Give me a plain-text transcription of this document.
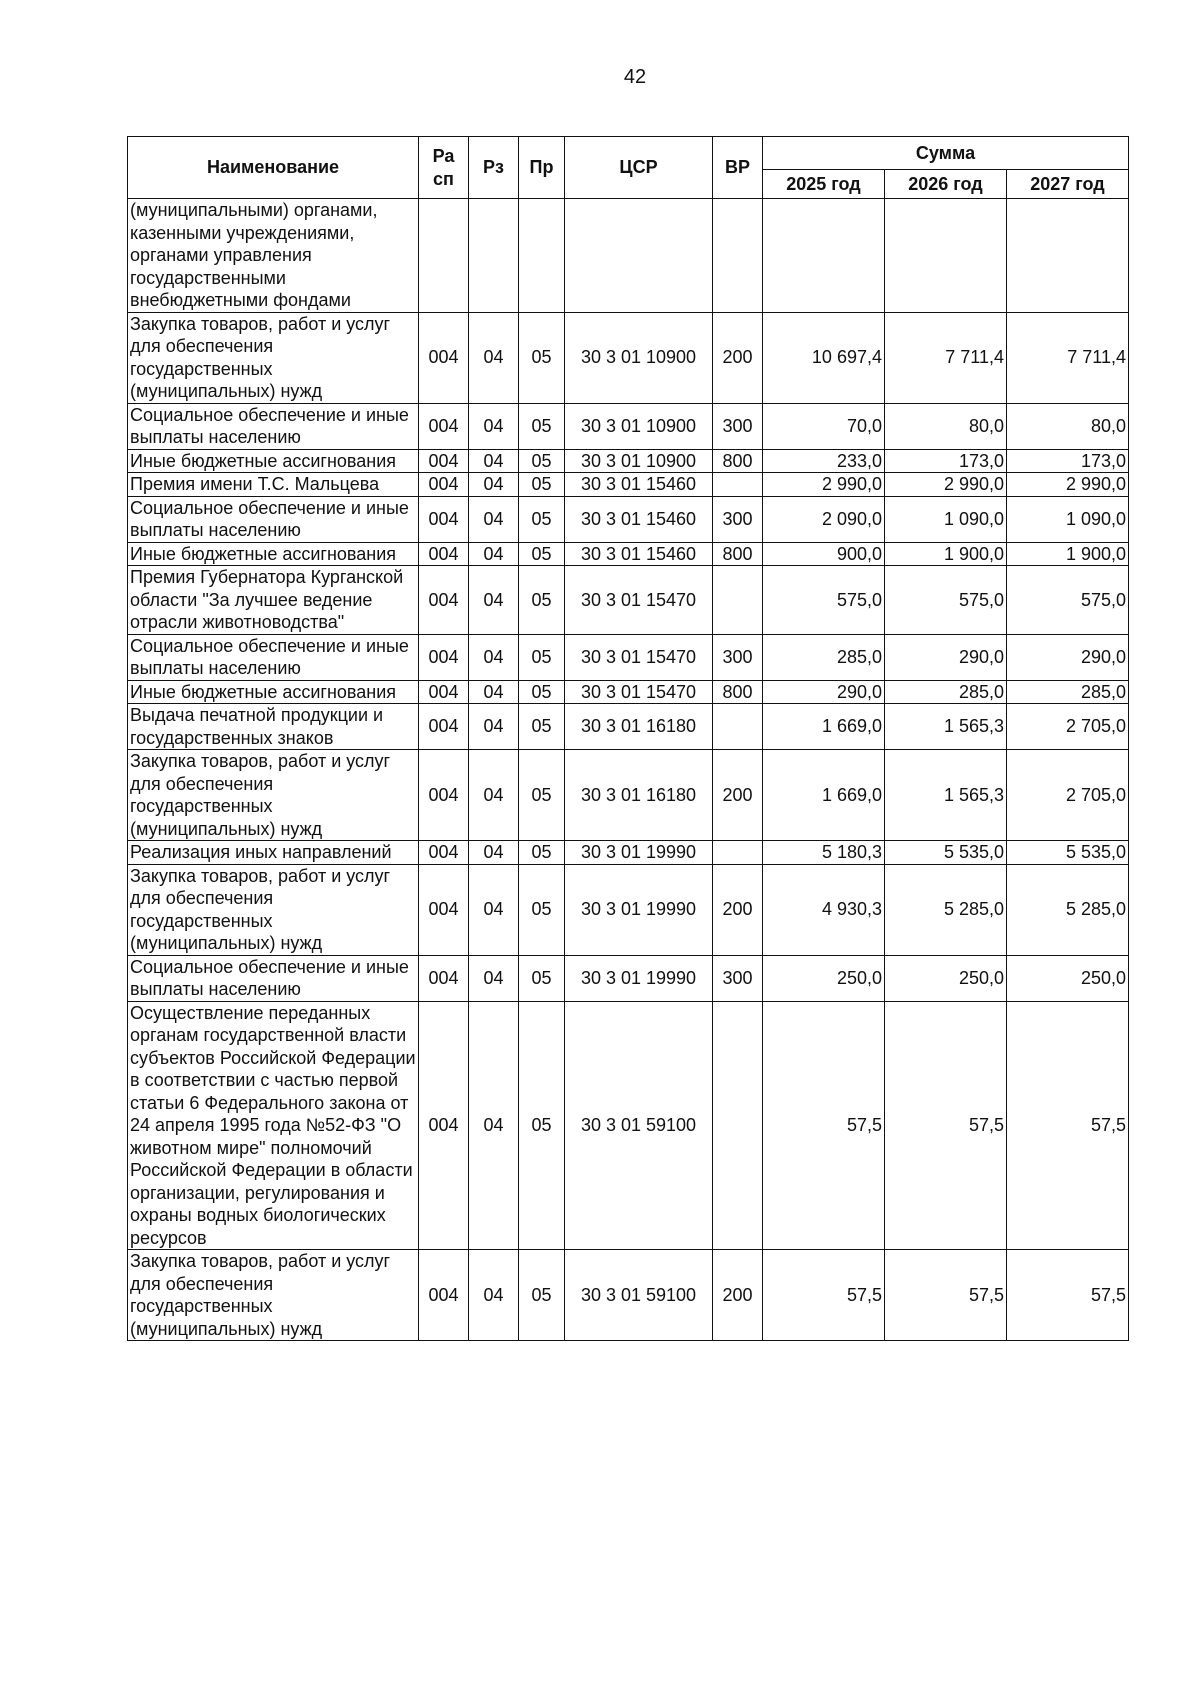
42
Наименование	Ра сп	Рз	Пр	ЦСР	ВР	Сумма		
						2025 год	2026 год	2027 год
(муниципальными) органами, казенными учреждениями, органами управления государственными внебюджетными фондами								
Закупка товаров, работ и услуг для обеспечения государственных (муниципальных) нужд	004	04	05	30 3 01 10900	200	10 697,4	7 711,4	7 711,4
Социальное обеспечение и иные выплаты населению	004	04	05	30 3 01 10900	300	70,0	80,0	80,0
Иные бюджетные ассигнования	004	04	05	30 3 01 10900	800	233,0	173,0	173,0
Премия имени Т.С. Мальцева	004	04	05	30 3 01 15460		2 990,0	2 990,0	2 990,0
Социальное обеспечение и иные выплаты населению	004	04	05	30 3 01 15460	300	2 090,0	1 090,0	1 090,0
Иные бюджетные ассигнования	004	04	05	30 3 01 15460	800	900,0	1 900,0	1 900,0
Премия Губернатора Курганской области "За лучшее ведение отрасли животноводства"	004	04	05	30 3 01 15470		575,0	575,0	575,0
Социальное обеспечение и иные выплаты населению	004	04	05	30 3 01 15470	300	285,0	290,0	290,0
Иные бюджетные ассигнования	004	04	05	30 3 01 15470	800	290,0	285,0	285,0
Выдача печатной продукции и государственных знаков	004	04	05	30 3 01 16180		1 669,0	1 565,3	2 705,0
Закупка товаров, работ и услуг для обеспечения государственных (муниципальных) нужд	004	04	05	30 3 01 16180	200	1 669,0	1 565,3	2 705,0
Реализация иных направлений	004	04	05	30 3 01 19990		5 180,3	5 535,0	5 535,0
Закупка товаров, работ и услуг для обеспечения государственных (муниципальных) нужд	004	04	05	30 3 01 19990	200	4 930,3	5 285,0	5 285,0
Социальное обеспечение и иные выплаты населению	004	04	05	30 3 01 19990	300	250,0	250,0	250,0
Осуществление переданных органам государственной власти субъектов Российской Федерации в соответствии с частью первой статьи 6 Федерального закона от 24 апреля 1995 года №52-ФЗ "О животном мире" полномочий Российской Федерации в области организации, регулирования и охраны водных биологических ресурсов	004	04	05	30 3 01 59100		57,5	57,5	57,5
Закупка товаров, работ и услуг для обеспечения государственных (муниципальных) нужд	004	04	05	30 3 01 59100	200	57,5	57,5	57,5
